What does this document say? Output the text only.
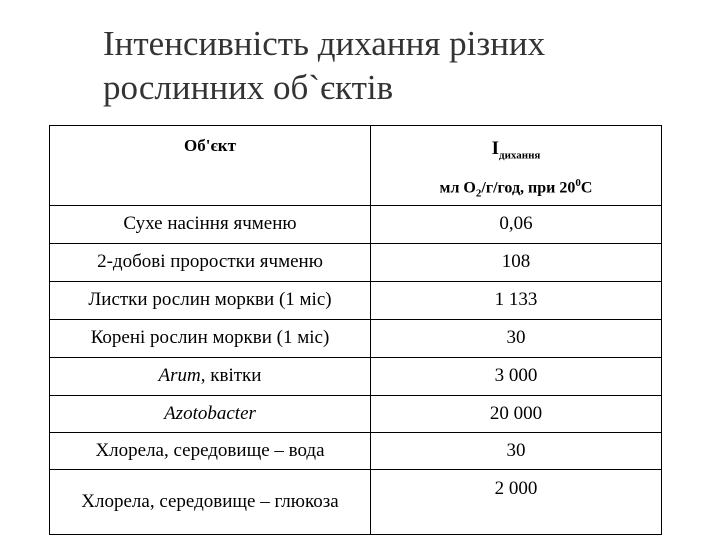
Інтенсивність дихання різних рослинних об`єктів
Об'єкт	$I_{дихання}$
мл $O_2/г$/год, при $20^0С$

Сухе насіння ячменю	0,06
2-добові проростки ячменю	108
Листки рослин моркви (1 міс)	1 133
Корені рослин моркви (1 міс)	30
Arum, квітки	3 000
Azotobacter	20 000
Хлорела, середовище – вода	30
Хлорела, середовище – глюкоза	2 000
